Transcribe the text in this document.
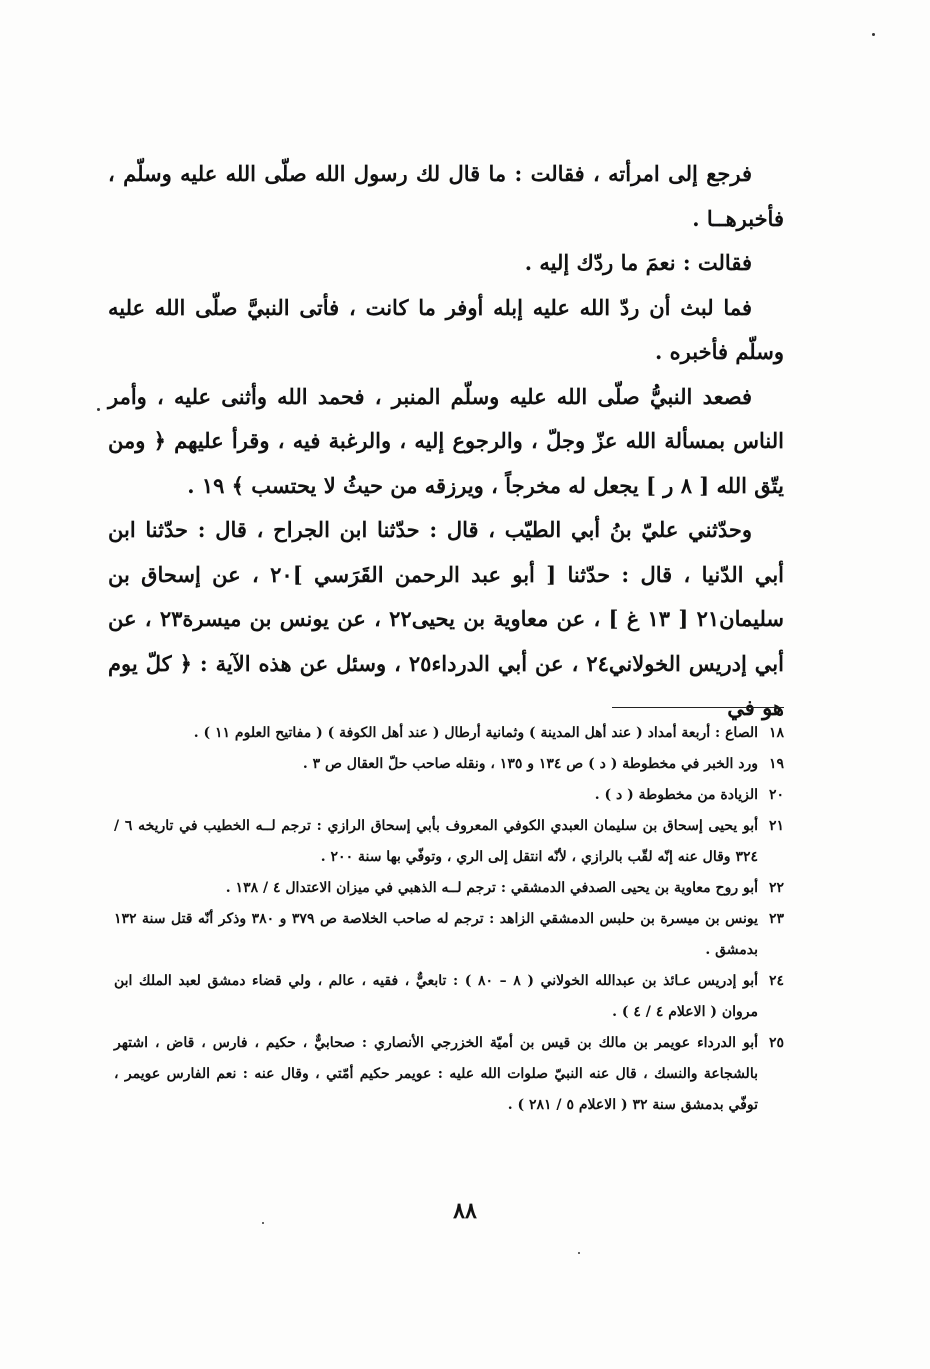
فرجع إلى امرأته ، فقالت : ما قال لك رسول الله صلّى الله عليه وسلّم ، فأخبرهــا .

فقالت : نعمَ ما ردّك إليه .

فما لبث أن ردّ الله عليه إبله أوفر ما كانت ، فأتى النبيَّ صلّى الله عليه وسلّم فأخبره .

فصعد النبيُّ صلّى الله عليه وسلّم المنبر ، فحمد الله وأثنى عليه ، وأمر الناس بمسألة الله عزّ وجلّ ، والرجوع إليه ، والرغبة فيه ، وقرأ عليهم ﴿ ومن يتّق الله [ ٨ ر ] يجعل له مخرجاً ، ويرزقه من حيثُ لا يحتسب ﴾ ١٩ .

وحدّثني عليّ بنُ أبي الطيّب ، قال : حدّثنا ابن الجراح ، قال : حدّثنا ابن أبي الدّنيا ، قال : حدّثنا [ أبو عبد الرحمن القَرَسي ]٢٠ ، عن إسحاق بن سليمان٢١ [ ١٣ غ ] ، عن معاوية بن يحيى٢٢ ، عن يونس بن ميسرة٢٣ ، عن أبي إدريس الخولاني٢٤ ، عن أبي الدرداء٢٥ ، وسئل عن هذه الآية : ﴿ كلّ يوم هو في

١٨
الصاع : أربعة أمداد ( عند أهل المدينة ) وثمانية أرطال ( عند أهل الكوفة ) ( مفاتيح العلوم ١١ ) .
١٩
ورد الخبر في مخطوطة ( د ) ص ١٣٤ و ١٣٥ ، ونقله صاحب حلّ العقال ص ٣ .
٢٠
الزيادة من مخطوطة ( د ) .
٢١
أبو يحيى إسحاق بن سليمان العبدي الكوفي المعروف بأبي إسحاق الرازي : ترجم لــه الخطيب في تاريخه ٦ / ٣٢٤ وقال عنه إنّه لقّب بالرازي ، لأنّه انتقل إلى الري ، وتوفّي بها سنة ٢٠٠ .
٢٢
أبو روح معاوية بن يحيى الصدفي الدمشقي : ترجم لــه الذهبي في ميزان الاعتدال ٤ / ١٣٨ .
٢٣
يونس بن ميسرة بن حلبس الدمشقي الزاهد : ترجم له صاحب الخلاصة ص ٣٧٩ و ٣٨٠ وذكر أنّه قتل سنة ١٣٢ بدمشق .
٢٤
أبو إدريس عـائذ بن عبدالله الخولاني ( ٨ – ٨٠ ) : تابعيٌّ ، فقيه ، عالم ، ولي قضاء دمشق لعبد الملك ابن مروان ( الاعلام ٤ / ٤ ) .
٢٥
أبو الدرداء عويمر بن مالك بن قيس بن أميّة الخزرجي الأنصاري : صحابيٌّ ، حكيم ، فارس ، قاض ، اشتهر بالشجاعة والنسك ، قال عنه النبيّ صلوات الله عليه : عويمر حكيم أمّتي ، وقال عنه : نعم الفارس عويمر ، توفّي بدمشق سنة ٣٢ ( الاعلام ٥ / ٢٨١ ) .
٨٨
